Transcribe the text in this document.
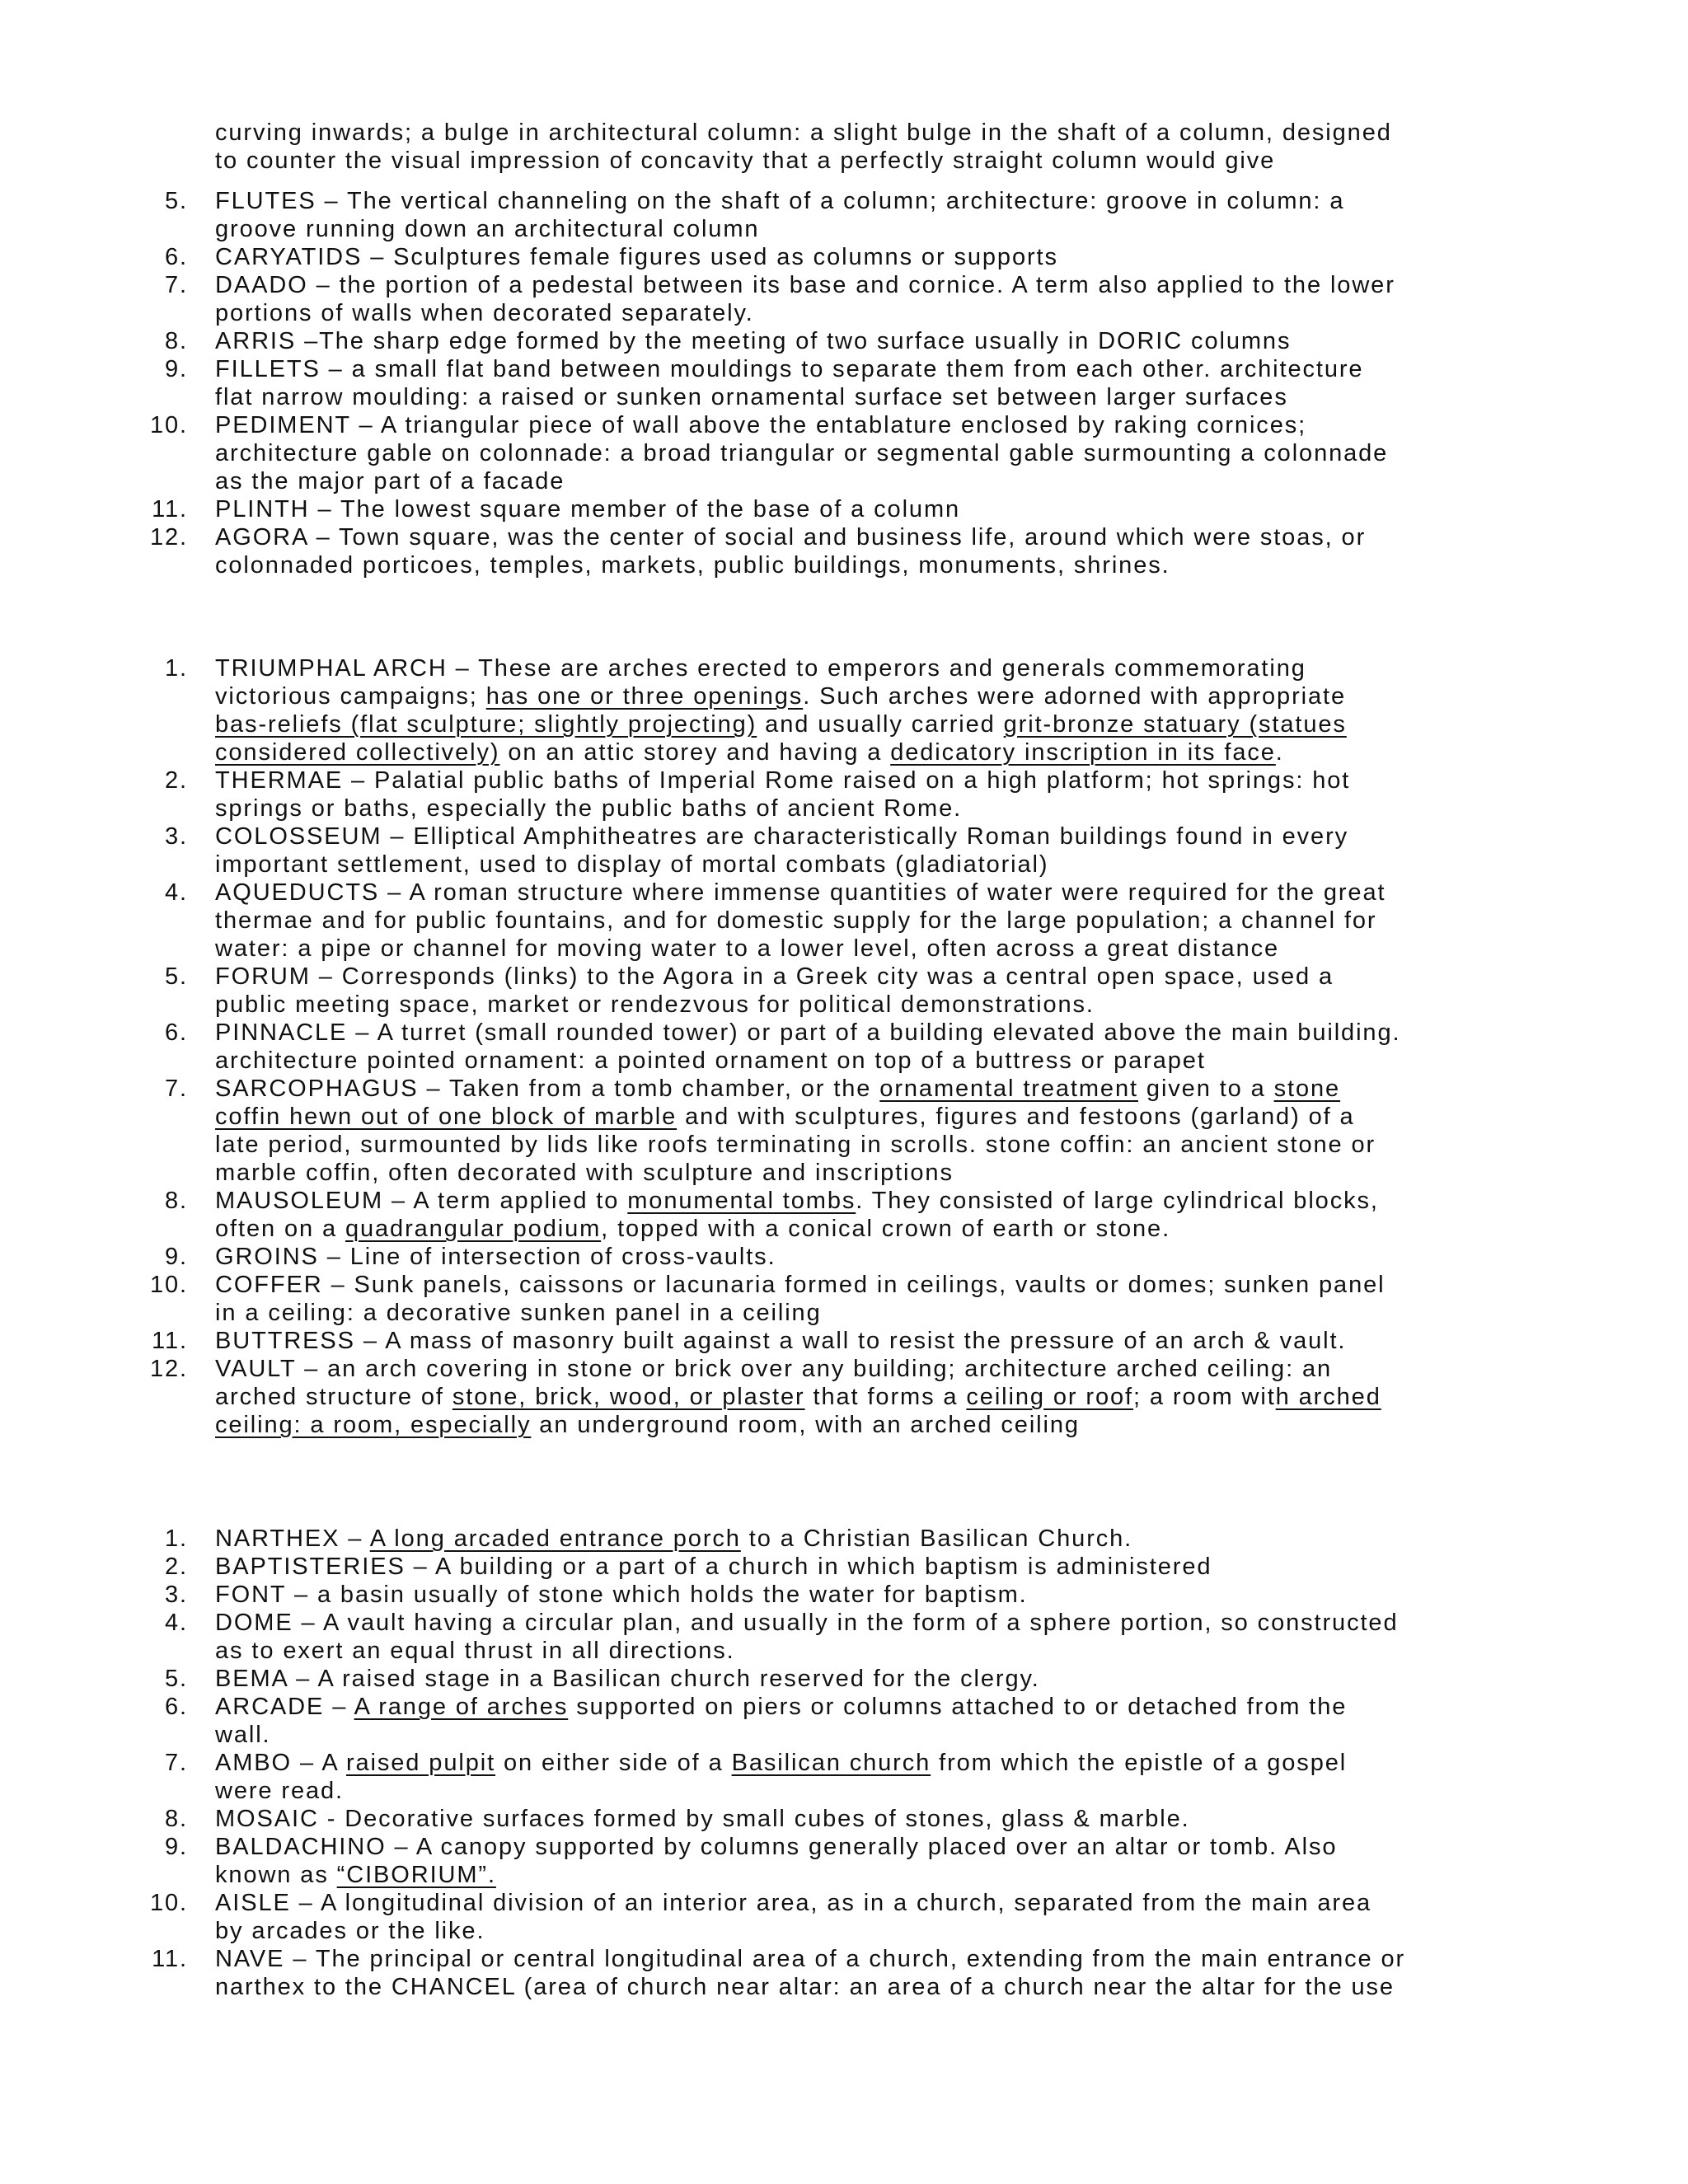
curving inwards; a bulge in architectural column: a slight bulge in the shaft of a column, designed
to counter the visual impression of concavity that a perfectly straight column would give
5. FLUTES – The vertical channeling on the shaft of a column; architecture: groove in column: a
groove running down an architectural column
6. CARYATIDS – Sculptures female figures used as columns or supports
7. DAADO – the portion of a pedestal between its base and cornice. A term also applied to the lower
portions of walls when decorated separately.
8. ARRIS –The sharp edge formed by the meeting of two surface usually in DORIC columns
9. FILLETS – a small flat band between mouldings to separate them from each other. architecture
flat narrow moulding: a raised or sunken ornamental surface set between larger surfaces
10. PEDIMENT – A triangular piece of wall above the entablature enclosed by raking cornices;
architecture gable on colonnade: a broad triangular or segmental gable surmounting a colonnade
as the major part of a facade
11. PLINTH – The lowest square member of the base of a column
12. AGORA – Town square, was the center of social and business life, around which were stoas, or
colonnaded porticoes, temples, markets, public buildings, monuments, shrines.
1. TRIUMPHAL ARCH – These are arches erected to emperors and generals commemorating
victorious campaigns; has one or three openings. Such arches were adorned with appropriate
bas-reliefs (flat sculpture; slightly projecting) and usually carried grit-bronze statuary (statues
considered collectively) on an attic storey and having a dedicatory inscription in its face.
2. THERMAE – Palatial public baths of Imperial Rome raised on a high platform; hot springs: hot
springs or baths, especially the public baths of ancient Rome.
3. COLOSSEUM – Elliptical Amphitheatres are characteristically Roman buildings found in every
important settlement, used to display of mortal combats (gladiatorial)
4. AQUEDUCTS – A roman structure where immense quantities of water were required for the great
thermae and for public fountains, and for domestic supply for the large population; a channel for
water: a pipe or channel for moving water to a lower level, often across a great distance
5. FORUM – Corresponds (links) to the Agora in a Greek city was a central open space, used a
public meeting space, market or rendezvous for political demonstrations.
6. PINNACLE – A turret (small rounded tower) or part of a building elevated above the main building.
architecture pointed ornament: a pointed ornament on top of a buttress or parapet
7. SARCOPHAGUS – Taken from a tomb chamber, or the ornamental treatment given to a stone
coffin hewn out of one block of marble and with sculptures, figures and festoons (garland) of a
late period, surmounted by lids like roofs terminating in scrolls. stone coffin: an ancient stone or
marble coffin, often decorated with sculpture and inscriptions
8. MAUSOLEUM – A term applied to monumental tombs. They consisted of large cylindrical blocks,
often on a quadrangular podium, topped with a conical crown of earth or stone.
9. GROINS – Line of intersection of cross-vaults.
10. COFFER – Sunk panels, caissons or lacunaria formed in ceilings, vaults or domes; sunken panel
in a ceiling: a decorative sunken panel in a ceiling
11. BUTTRESS – A mass of masonry built against a wall to resist the pressure of an arch & vault.
12. VAULT – an arch covering in stone or brick over any building; architecture arched ceiling: an
arched structure of stone, brick, wood, or plaster that forms a ceiling or roof; a room with arched
ceiling: a room, especially an underground room, with an arched ceiling
1. NARTHEX – A long arcaded entrance porch to a Christian Basilican Church.
2. BAPTISTERIES – A building or a part of a church in which baptism is administered
3. FONT – a basin usually of stone which holds the water for baptism.
4. DOME – A vault having a circular plan, and usually in the form of a sphere portion, so constructed
as to exert an equal thrust in all directions.
5. BEMA – A raised stage in a Basilican church reserved for the clergy.
6. ARCADE – A range of arches supported on piers or columns attached to or detached from the
wall.
7. AMBO – A raised pulpit on either side of a Basilican church from which the epistle of a gospel
were read.
8. MOSAIC - Decorative surfaces formed by small cubes of stones, glass & marble.
9. BALDACHINO – A canopy supported by columns generally placed over an altar or tomb. Also
known as “CIBORIUM”.
10. AISLE – A longitudinal division of an interior area, as in a church, separated from the main area
by arcades or the like.
11. NAVE – The principal or central longitudinal area of a church, extending from the main entrance or
narthex to the CHANCEL (area of church near altar: an area of a church near the altar for the use
